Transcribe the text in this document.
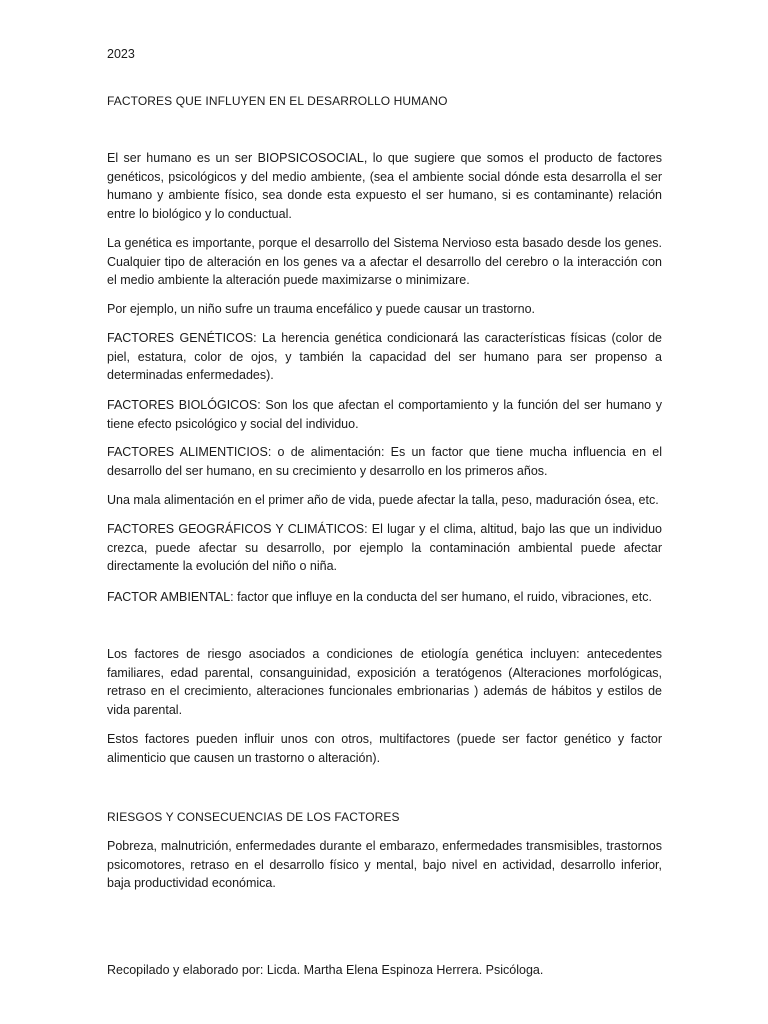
2023

FACTORES QUE INFLUYEN EN EL DESARROLLO HUMANO

El ser humano es un ser BIOPSICOSOCIAL, lo que sugiere que somos el producto de factores genéticos, psicológicos y del medio ambiente, (sea el ambiente social dónde esta desarrolla el ser humano y ambiente físico, sea donde esta expuesto el ser humano, si es contaminante) relación entre lo biológico y lo conductual.

La genética es importante, porque el desarrollo del Sistema Nervioso esta basado desde los genes. Cualquier tipo de alteración en los genes va a afectar el desarrollo del cerebro o la interacción con el medio ambiente la alteración puede maximizarse o minimizare.

Por ejemplo, un niño sufre un trauma encefálico y puede causar un trastorno.

FACTORES GENÉTICOS: La herencia genética condicionará las características físicas (color de piel, estatura, color de ojos, y también la capacidad del ser humano para ser propenso a determinadas enfermedades).

FACTORES BIOLÓGICOS: Son los que afectan el comportamiento y la función del ser humano y tiene efecto psicológico y social del individuo.

FACTORES ALIMENTICIOS: o de alimentación: Es un factor que tiene mucha influencia en el desarrollo del ser humano, en su crecimiento y desarrollo en los primeros años.

Una mala alimentación en el primer año de vida, puede afectar la talla, peso, maduración ósea, etc.

FACTORES GEOGRÁFICOS Y CLIMÁTICOS: El lugar y el clima, altitud, bajo las que un individuo crezca, puede afectar su desarrollo, por ejemplo la contaminación ambiental puede afectar directamente la evolución del niño o niña.

FACTOR AMBIENTAL: factor que influye en la conducta del ser humano, el ruido, vibraciones, etc.

Los factores de riesgo asociados a condiciones de etiología genética incluyen: antecedentes familiares, edad parental, consanguinidad, exposición a teratógenos (Alteraciones morfológicas, retraso en el crecimiento, alteraciones funcionales embrionarias ) además de hábitos y estilos de vida parental.

Estos factores pueden influir unos con otros, multifactores (puede ser factor genético y factor alimenticio que causen un trastorno o alteración).

RIESGOS Y CONSECUENCIAS DE LOS FACTORES

Pobreza, malnutrición, enfermedades durante el embarazo, enfermedades transmisibles, trastornos psicomotores, retraso en el desarrollo físico y mental, bajo nivel en actividad, desarrollo inferior, baja productividad económica.

Recopilado y elaborado por: Licda. Martha Elena Espinoza Herrera. Psicóloga.
